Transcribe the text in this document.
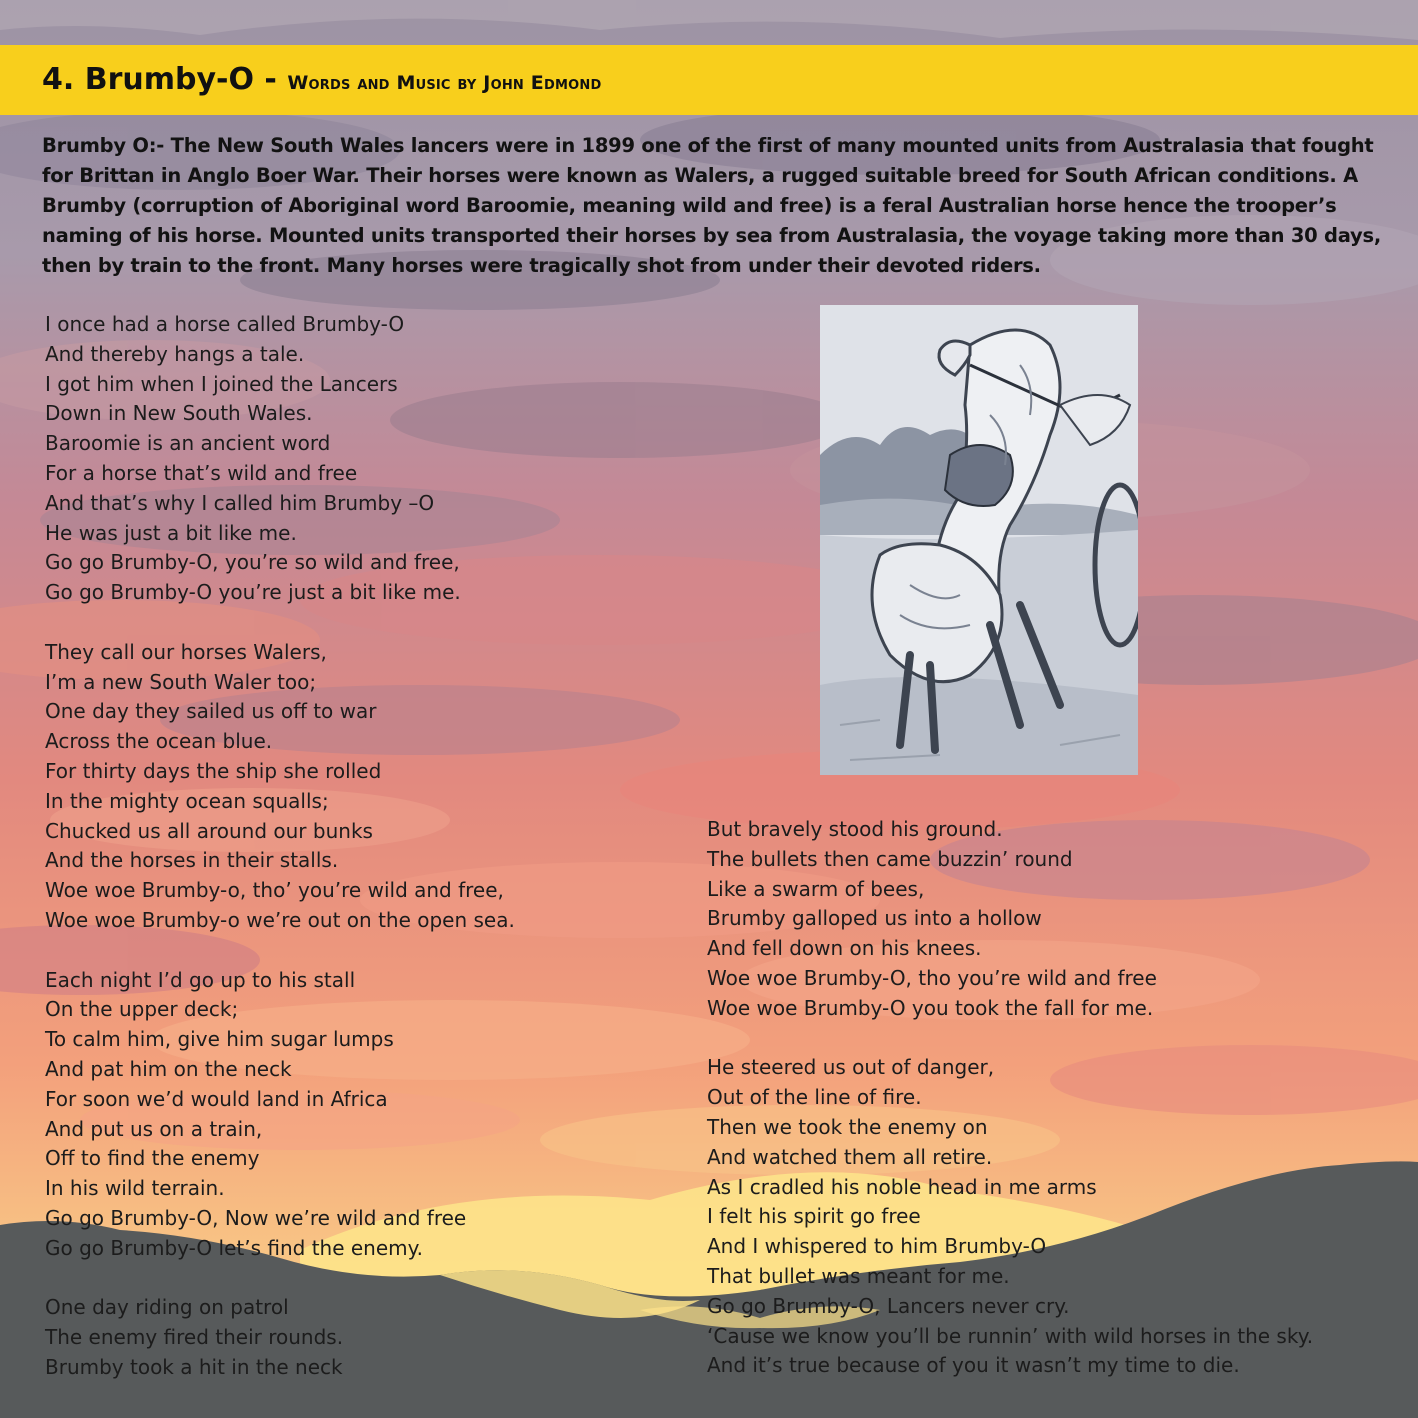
4. Brumby-O - Words and Music by John Edmond

Brumby O:- The New South Wales lancers were in 1899 one of the first of many mounted units from Australasia that fought for Brittan in Anglo Boer War. Their horses were known as Walers, a rugged suitable breed for South African conditions. A Brumby (corruption of Aboriginal word Baroomie, meaning wild and free) is a feral Australian horse hence the trooper’s naming of his horse. Mounted units transported their horses by sea from Australasia, the voyage taking more than 30 days, then by train to the front. Many horses were tragically shot from under their devoted riders.

I once had a horse called Brumby-O
And thereby hangs a tale.
I got him when I joined the Lancers
Down in New South Wales.
Baroomie is an ancient word
For a horse that’s wild and free
And that’s why I called him Brumby –O
He was just a bit like me.
Go go Brumby-O, you’re so wild and free,
Go go Brumby-O you’re just a bit like me.
They call our horses Walers,
I’m a new South Waler too;
One day they sailed us off to war
Across the ocean blue.
For thirty days the ship she rolled
In the mighty ocean squalls;
Chucked us all around our bunks
And the horses in their stalls.
Woe woe Brumby-o, tho’ you’re wild and free,
Woe woe Brumby-o we’re out on the open sea.
Each night I’d go up to his stall
On the upper deck;
To calm him, give him sugar lumps
And pat him on the neck
For soon we’d would land in Africa
And put us on a train,
Off to find the enemy
In his wild terrain.
Go go Brumby-O, Now we’re wild and free
Go go Brumby-O let’s find the enemy.
One day riding on patrol
The enemy fired their rounds.
Brumby took a hit in the neck
But bravely stood his ground.
The bullets then came buzzin’ round
Like a swarm of bees,
Brumby galloped us into a hollow
And fell down on his knees.
Woe woe Brumby-O, tho you’re wild and free
Woe woe Brumby-O you took the fall for me.
He steered us out of danger,
Out of the line of fire.
Then we took the enemy on
And watched them all retire.
As I cradled his noble head in me arms
I felt his spirit go free
And I whispered to him Brumby-O
That bullet was meant for me.
Go go Brumby-O, Lancers never cry.
‘Cause we know you’ll be runnin’ with wild horses in the sky.
And it’s true because of you it wasn’t my time to die.
